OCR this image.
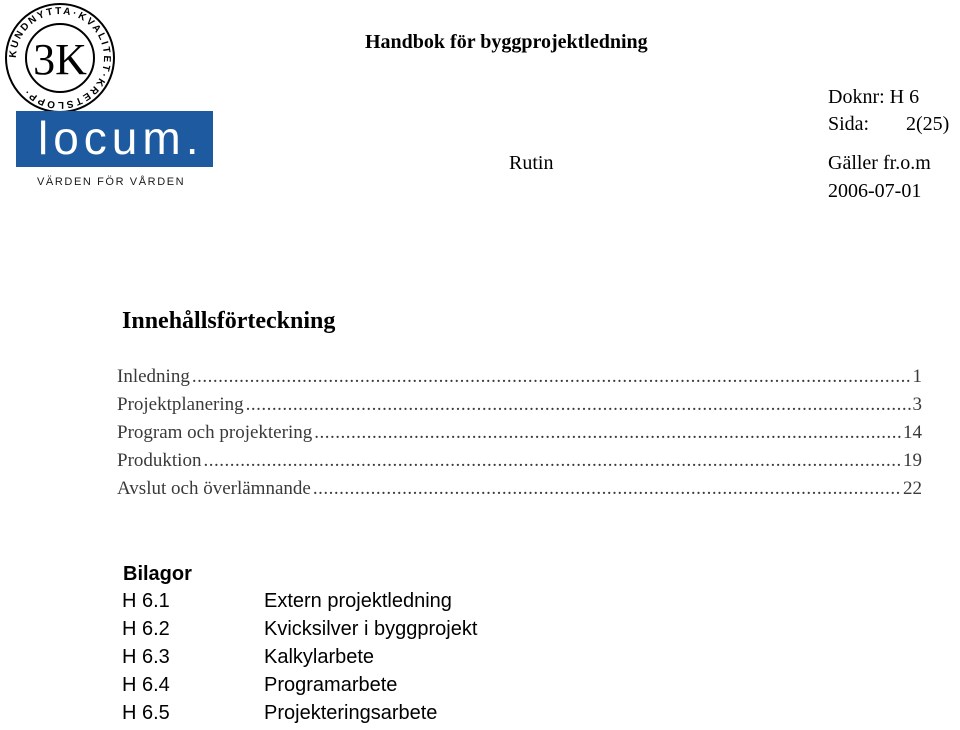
KUNDNYTTA·KVALITET·KRETSLOPP·
3K
locum.
VÄRDEN FÖR VÅRDEN
Handbok för byggprojektledning
Rutin
Doknr: H 6
Sida: 2(25)
Gäller fr.o.m
2006-07-01
Innehållsförteckning
Inledning .....	1
Projektplanering .....	3
Program och projektering .....	14
Produktion .....	19
Avslut och överlämnande .....	22
Bilagor
H 6.1	Extern projektledning
H 6.2	Kvicksilver i byggprojekt
H 6.3	Kalkylarbete
H 6.4	Programarbete
H 6.5	Projekteringsarbete
